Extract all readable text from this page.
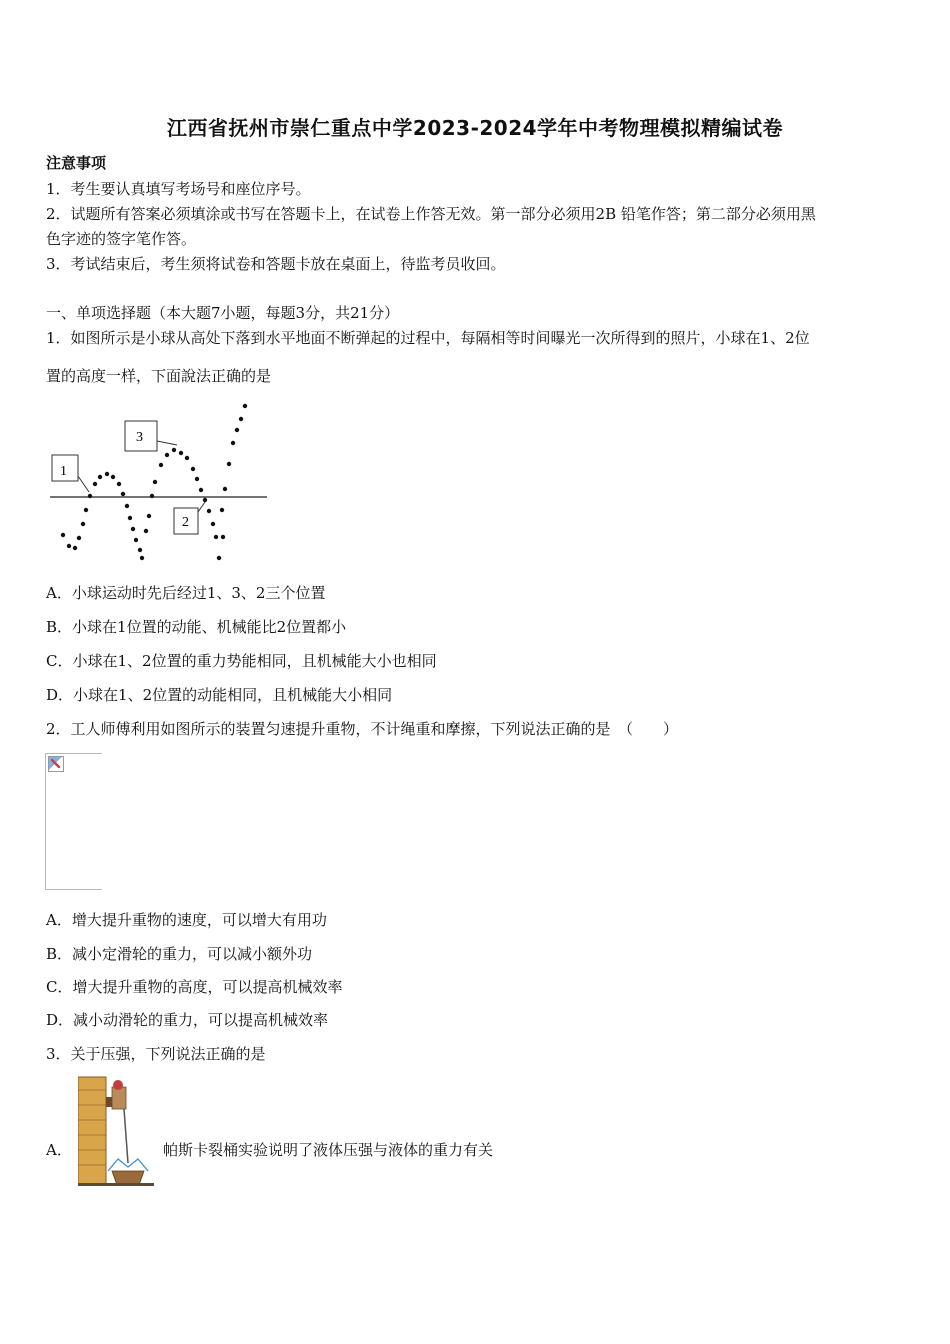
江西省抚州市崇仁重点中学2023-2024学年中考物理模拟精编试卷
注意事项
1．考生要认真填写考场号和座位序号。
2．试题所有答案必须填涂或书写在答题卡上，在试卷上作答无效。第一部分必须用2B 铅笔作答；第二部分必须用黑
色字迹的签字笔作答。
3．考试结束后，考生须将试卷和答题卡放在桌面上，待监考员收回。
一、单项选择题（本大题7小题，每题3分，共21分）
1．如图所示是小球从高处下落到水平地面不断弹起的过程中，每隔相等时间曝光一次所得到的照片，小球在1、2位
置的高度一样，下面說法正确的是
1
3
2
A．小球运动时先后经过1、3、2三个位置
B．小球在1位置的动能、机械能比2位置都小
C．小球在1、2位置的重力势能相同，且机械能大小也相同
D．小球在1、2位置的动能相同，且机械能大小相同
2．工人师傅利用如图所示的装置匀速提升重物，不计绳重和摩擦，下列说法正确的是　（　　）
A．增大提升重物的速度，可以增大有用功
B．减小定滑轮的重力，可以减小额外功
C．增大提升重物的高度，可以提高机械效率
D．减小动滑轮的重力，可以提高机械效率
3．关于压强，下列说法正确的是
A．	帕斯卡裂桶实验说明了液体压强与液体的重力有关
